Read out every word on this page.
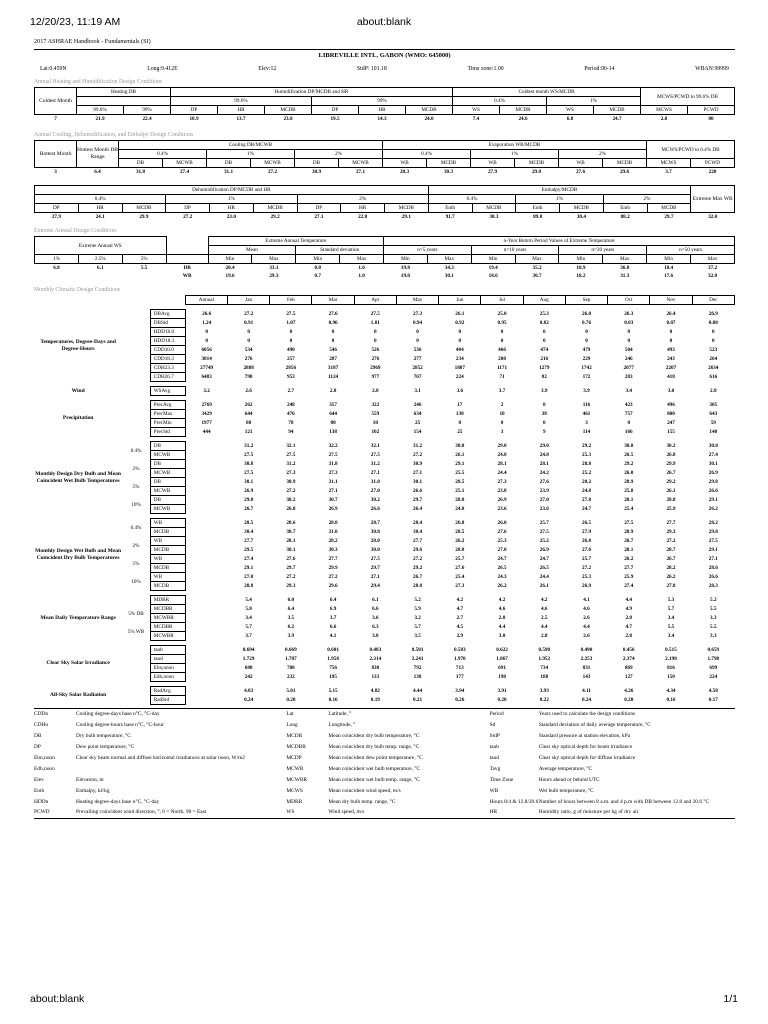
12/20/23, 11:19 AM	about:blank
2017 ASHRAE Handbook - Fundamentals (SI)
LIBREVILLE INTL, GABON (WMO: 645000)
Lat:0.459N	Long:9.412E	Elev:12	StdP: 101.18	Time zone:1.00	Period:90-14	WBAN:99999
Annual Heating and Humidification Design Conditions
Coldest Month	Heating DB		Humidification DP/MCDB and HR						Coldest month WS/MCDB				MCWS/PCWD to 99.6% DB	
			99.6%			99%			0.4%		1%			
	99.6%	99%	DP	HR	MCDB	DP	HR	MCDB	WS	MCDB	WS	MCDB	MCWS	PCWD
7	21.9	22.4	18.9	13.7	23.8	19.5	14.3	24.0	7.4	24.6	6.8	24.7	2.8	80
Annual Cooling, Dehumidification, and Enthalpy Design Conditions
Hottest Month	Hottest Month DB Range	Cooling DB/MCWB						Evaporation WB/MCDB						MCWS/PCWD to 0.4% DB	
		0.4%		1%		2%		0.4%		1%		2%			
		DB	MCWB	DB	MCWB	DB	MCWB	WB	MCDB	WB	MCDB	WB	MCDB	MCWS	PCWD
3	6.4	31.8	27.4	31.1	27.2	30.9	27.1	28.3	30.3	27.9	29.8	27.6	29.6	3.7	220
Dehumidification DP/MCDB and HR									Enthalpy/MCDB						Extreme Max WB
0.4%			1%			2%			0.4%		1%		2%		
DP	HR	MCDB	DP	HR	MCDB	DP	HR	MCDB	Enth	MCDB	Enth	MCDB	Enth	MCDB	
27.9	24.1	29.9	27.2	23.0	29.2	27.1	22.8	29.1	91.7	30.3	89.8	30.4	88.2	29.7	32.0
Extreme Annual Design Conditions
Extreme Annual WS				Extreme Annual Temperature				n-Year Return Period Values of Extreme Temperature							
				Mean		Standard deviation		n=5 years		n=10 years		n=20 years		n=50 years	
1%	2.5%	5%		Min	Max	Min	Max	Min	Max	Min	Max	Min	Max	Min	Max
6.8	6.1	5.5	DB	20.4	33.1	0.8	1.6	19.8	34.3	19.4	35.2	18.9	36.0	18.4	37.2
			WB	19.6	29.3	0.7	1.0	19.0	30.1	18.6	30.7	18.2	31.3	17.6	32.0
Monthly Climatic Design Conditions
			Annual	Jan	Feb	Mar	Apr	May	Jun	Jul	Aug	Sep	Oct	Nov	Dec

Temperatures, Degree-Days and Degree-Hours		DBAvg	26.6	27.2	27.5	27.6	27.5	27.3	26.1	25.0	25.3	26.0	26.3	26.4	26.9
		DBStd	1.24	0.91	1.07	0.96	1.01	0.94	0.92	0.95	0.82	0.76	0.83	0.87	0.88
		HDD10.0	0	0	0	0	0	0	0	0	0	0	0	0	0
		HDD18.3	0	0	0	0	0	0	0	0	0	0	0	0	0
		CDD10.0	6056	534	490	546	526	536	484	466	474	479	504	493	523
		CDD18.3	3014	276	257	287	276	277	234	208	216	229	246	243	264
		CDH23.3	27749	2888	2856	3187	2969	2852	1887	1171	1279	1742	2077	2207	2634
		CDH26.7	6483	798	953	1124	977	767	224	71	82	172	283	418	616

Wind		WSAvg	3.2	2.6	2.7	2.8	2.8	3.1	3.6	3.7	3.9	3.9	3.4	3.0	2.8

Precipitation		PrecAvg	2769	262	248	357	322	246	17	2	8	116	423	496	305
		PrecMax	3429	644	476	644	559	634	130	10	38	461	757	800	643
		PrecMin	1977	80	78	80	10	25	0	0	0	3	0	247	59
		PrecStd	444	121	94	138	102	154	25	3	9	114	166	155	140

Monthly Design Dry Bulb and Mean Coincident Wet Bulb Temperatures	0.4%	DB		31.2	32.1	32.2	32.1	31.2	30.0	29.0	29.0	29.2	30.0	30.2	30.8
		MCWB		27.5	27.5	27.5	27.5	27.2	26.1	24.8	24.8	25.3	26.5	26.8	27.4
	2%	DB		30.8	31.2	31.8	31.2	30.9	29.1	28.1	28.1	28.8	29.2	29.9	30.1
		MCWB		27.5	27.3	27.3	27.1	27.1	25.5	24.4	24.2	25.2	26.0	26.7	26.9
	5%	DB		30.1	30.9	31.1	31.0	30.1	28.5	27.3	27.6	28.2	28.9	29.2	29.8
		MCWB		26.9	27.2	27.1	27.0	26.6	25.1	23.8	23.9	24.8	25.8	26.1	26.6
	10%	DB		29.8	30.2	30.7	30.2	29.7	28.0	26.9	27.0	27.8	28.1	28.8	29.1
		MCWB		26.7	26.8	26.9	26.6	26.4	24.8	23.6	23.6	24.7	25.4	25.9	26.2

Monthly Design Wet Bulb and Mean Coincident Dry Bulb Temperatures	0.4%	WB		28.5	28.6	28.8	28.7	28.4	26.8	26.0	25.7	26.5	27.5	27.7	28.2
		MCDB		30.4	30.7	31.0	30.8	30.4	28.5	27.6	27.5	27.9	28.9	29.3	29.8
	2%	WB		27.7	28.1	28.2	28.0	27.7	26.2	25.3	25.2	26.0	26.7	27.2	27.5
		MCDB		29.5	30.1	30.3	30.0	29.6	28.0	27.0	26.9	27.6	28.1	28.7	29.1
	5%	WB		27.4	27.6	27.7	27.5	27.2	25.7	24.7	24.7	25.7	26.2	26.7	27.1
		MCDB		29.1	29.7	29.9	29.7	29.2	27.6	26.5	26.5	27.2	27.7	28.2	28.6
	10%	WB		27.0	27.2	27.2	27.1	26.7	25.4	24.3	24.4	25.3	25.9	26.2	26.6
		MCDB		28.8	29.3	29.6	29.4	28.8	27.3	26.2	26.1	26.9	27.4	27.8	28.3

Mean Daily Temperature Range		MDBR		5.4	6.0	6.4	6.1	5.2	4.2	4.2	4.2	4.1	4.4	5.3	5.2
	5% DB	MCDBR		5.8	6.4	6.9	6.6	5.9	4.7	4.6	4.6	4.6	4.9	5.7	5.5
		MCWBR		3.4	3.5	3.7	3.6	3.2	2.7	2.8	2.5	2.6	2.8	3.4	3.3
	5% WB	MCDBR		5.7	6.2	6.6	6.3	5.7	4.5	4.4	4.4	4.4	4.7	5.5	5.5
		MCWBR		3.7	3.9	4.1	3.8	3.5	2.9	3.0	2.8	2.6	2.8	3.4	3.3

Clear Sky Solar Irradiance		taub		0.694	0.669	0.601	0.483	0.501	0.583	0.622	0.590	0.490	0.456	0.515	0.659
		taud		1.729	1.787	1.958	2.314	2.241	1.970	1.867	1.952	2.253	2.374	2.198	1.798
		Ebn,noon		680	708	756	830	792	713	691	734	831	869	816	699
		Edh,noon		242	232	195	133	138	177	198	188	143	127	150	224

All-Sky Solar Radiation		RadAvg		4.83	5.01	5.15	4.82	4.44	3.94	3.91	3.93	4.11	4.26	4.34	4.58
		RadStd		0.24	0.20	0.16	0.19	0.21	0.26	0.20	0.22	0.24	0.20	0.16	0.17
CDDn	Cooling degree-days base n°C, °C-day	Lat	Latitude, °	Period	Years used to calculate the design conditions
CDHn	Cooling degree-hours base n°C, °C-hour	Long	Longitude, °	Sd	Standard deviation of daily average temperature, °C
DB	Dry bulb temperature, °C	MCDB	Mean coincident dry bulb temperature, °C	StdP	Standard pressure at station elevation, kPa
DP	Dew point temperature, °C	MCDBR	Mean coincident dry bulb temp. range, °C	taub	Clear sky optical depth for beam irradiance
Ebn,noon	Clear sky beam normal and diffuse horizontal irradiances at solar noon, W/m2	MCDP	Mean coincident dew point temperature, °C	taud	Clear sky optical depth for diffuse irradiance
Edh,noon		MCWB	Mean coincident wet bulb temperature, °C	Tavg	Average temperature, °C
Elev	Elevation, m	MCWBR	Mean coincident wet bulb temp. range, °C	Time Zone	Hours ahead or behind UTC
Enth	Enthalpy, kJ/kg	MCWS	Mean coincident wind speed, m/s	WB	Wet bulb temperature, °C
HDDn	Heating degree-days base n°C, °C-day	MDBR	Mean dry bulb temp. range, °C	Hours 8/4 & 12.8/20.6	Number of hours between 8 a.m. and 4 p.m with DB between 12.8 and 20.6 °C
PCWD	Prevailing coincident wind direction, °, 0 = North, 90 = East	WS	Wind speed, m/s	HR	Humidity ratio, g of moisture per kg of dry air
about:blank	1/1
